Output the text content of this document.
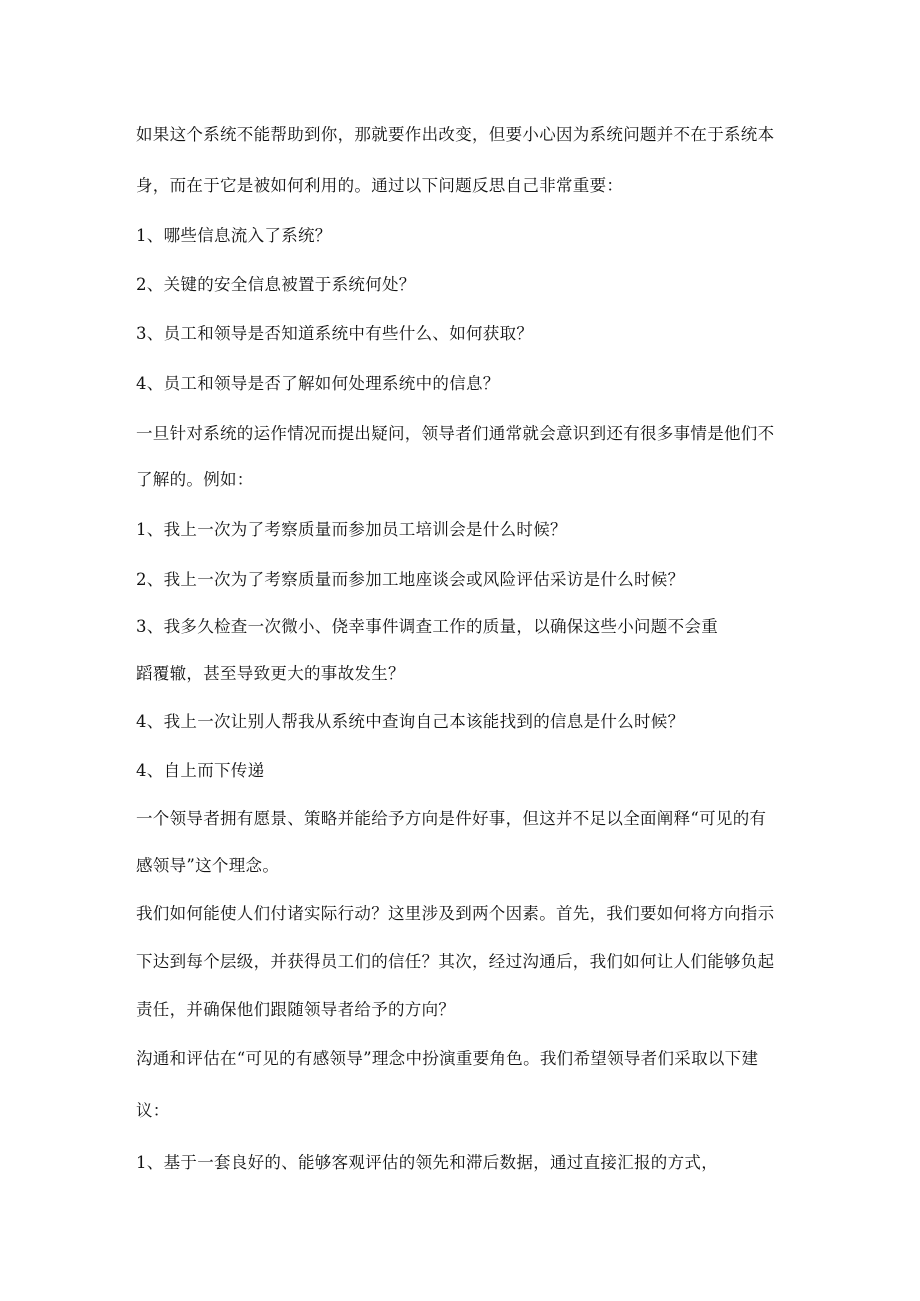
如果这个系统不能帮助到你，那就要作出改变，但要小心因为系统问题并不在于系统本
身，而在于它是被如何利用的。通过以下问题反思自己非常重要：
1、哪些信息流入了系统？
2、关键的安全信息被置于系统何处？
3、员工和领导是否知道系统中有些什么、如何获取？
4、员工和领导是否了解如何处理系统中的信息？
一旦针对系统的运作情况而提出疑问，领导者们通常就会意识到还有很多事情是他们不
了解的。例如：
1、我上一次为了考察质量而参加员工培训会是什么时候？
2、我上一次为了考察质量而参加工地座谈会或风险评估采访是什么时候？
3、我多久检查一次微小、侥幸事件调查工作的质量，以确保这些小问题不会重
蹈覆辙，甚至导致更大的事故发生？
4、我上一次让别人帮我从系统中查询自己本该能找到的信息是什么时候？
4、自上而下传递
一个领导者拥有愿景、策略并能给予方向是件好事，但这并不足以全面阐释“可见的有
感领导”这个理念。
我们如何能使人们付诸实际行动？这里涉及到两个因素。首先，我们要如何将方向指示
下达到每个层级，并获得员工们的信任？其次，经过沟通后，我们如何让人们能够负起
责任，并确保他们跟随领导者给予的方向？
沟通和评估在“可见的有感领导”理念中扮演重要角色。我们希望领导者们采取以下建
议：
1、基于一套良好的、能够客观评估的领先和滞后数据，通过直接汇报的方式，
